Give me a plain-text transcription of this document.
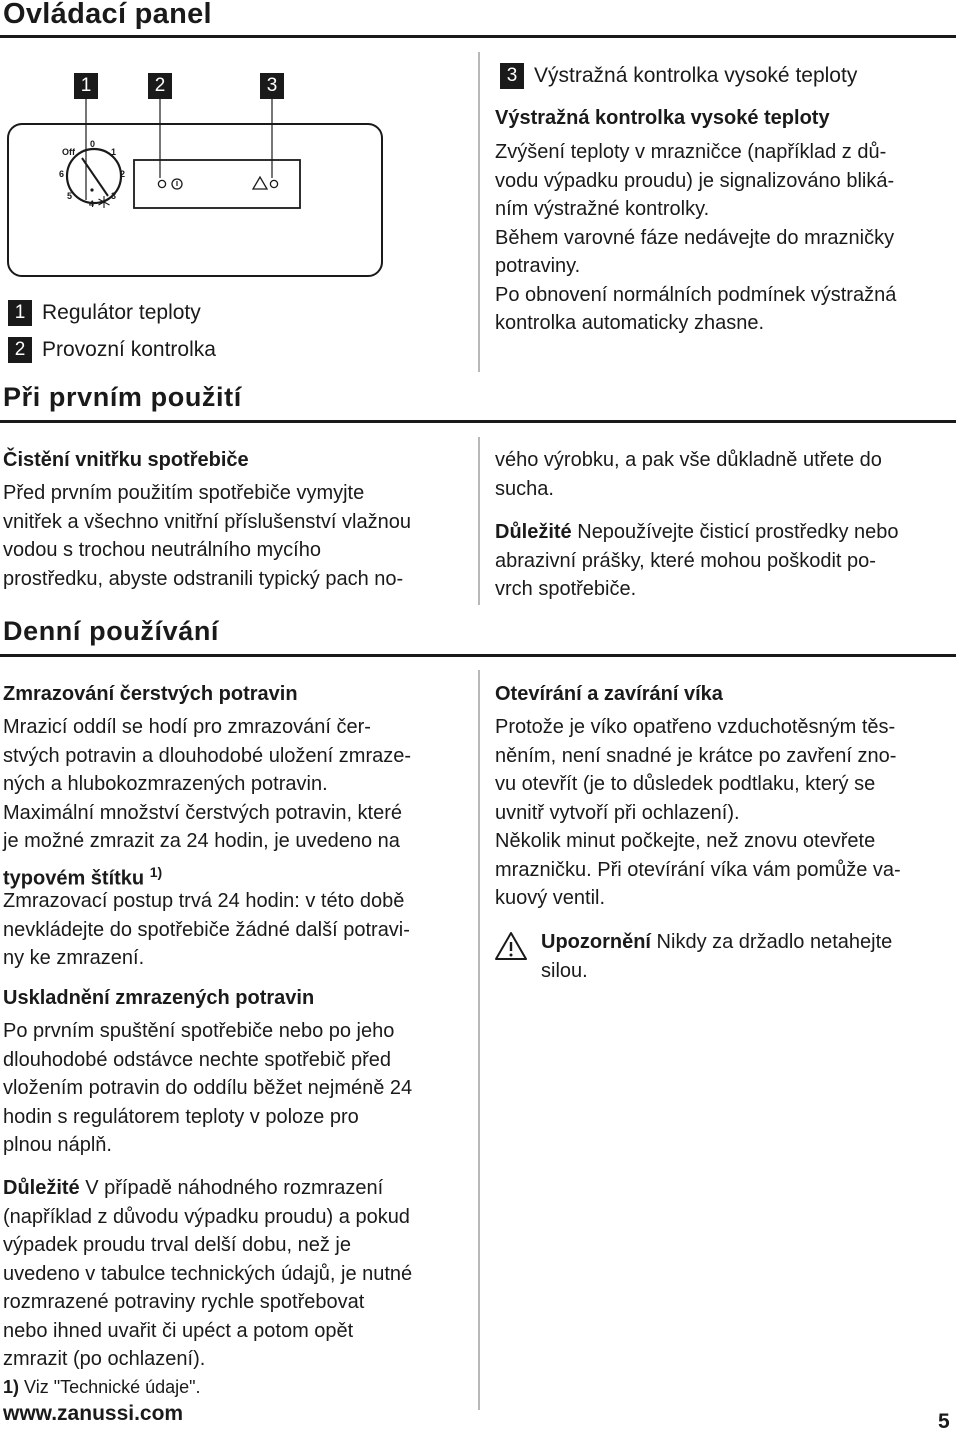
Ovládací panel
1	2	3
Off
0
1
2
3
4
5
6
1 Regulátor teploty
2 Provozní kontrolka
3 Výstražná kontrolka vysoké teploty
Výstražná kontrolka vysoké teploty
Zvýšení teploty v mrazničce (například z dů-
vodu výpadku proudu) je signalizováno bliká-
ním výstražné kontrolky.
Během varovné fáze nedávejte do mrazničky
potraviny.
Po obnovení normálních podmínek výstražná
kontrolka automaticky zhasne.
Při prvním použití
Čistění vnitřku spotřebiče
Před prvním použitím spotřebiče vymyjte
vnitřek a všechno vnitřní příslušenství vlažnou
vodou s trochou neutrálního mycího
prostředku, abyste odstranili typický pach no-
vého výrobku, a pak vše důkladně utřete do
sucha.
Důležité Nepoužívejte čisticí prostředky nebo
abrazivní prášky, které mohou poškodit po-
vrch spotřebiče.
Denní používání
Zmrazování čerstvých potravin
Mrazicí oddíl se hodí pro zmrazování čer-
stvých potravin a dlouhodobé uložení zmraze-
ných a hlubokozmrazených potravin.
Maximální množství čerstvých potravin, které
je možné zmrazit za 24 hodin, je uvedeno na
typovém štítku $^{1)}$
Zmrazovací postup trvá 24 hodin: v této době
nevkládejte do spotřebiče žádné další potravi-
ny ke zmrazení.
Uskladnění zmrazených potravin
Po prvním spuštění spotřebiče nebo po jeho
dlouhodobé odstávce nechte spotřebič před
vložením potravin do oddílu běžet nejméně 24
hodin s regulátorem teploty v poloze pro
plnou náplň.
Důležité V případě náhodného rozmrazení
(například z důvodu výpadku proudu) a pokud
výpadek proudu trval delší dobu, než je
uvedeno v tabulce technických údajů, je nutné
rozmrazené potraviny rychle spotřebovat
nebo ihned uvařit či upéct a potom opět
zmrazit (po ochlazení).
Otevírání a zavírání víka
Protože je víko opatřeno vzduchotěsným těs-
něním, není snadné je krátce po zavření zno-
vu otevřít (je to důsledek podtlaku, který se
uvnitř vytvoří při ochlazení).
Několik minut počkejte, než znovu otevřete
mrazničku. Při otevírání víka vám pomůže va-
kuový ventil.
Upozornění Nikdy za držadlo netahejte
silou.
1) Viz "Technické údaje".
www.zanussi.com	5
